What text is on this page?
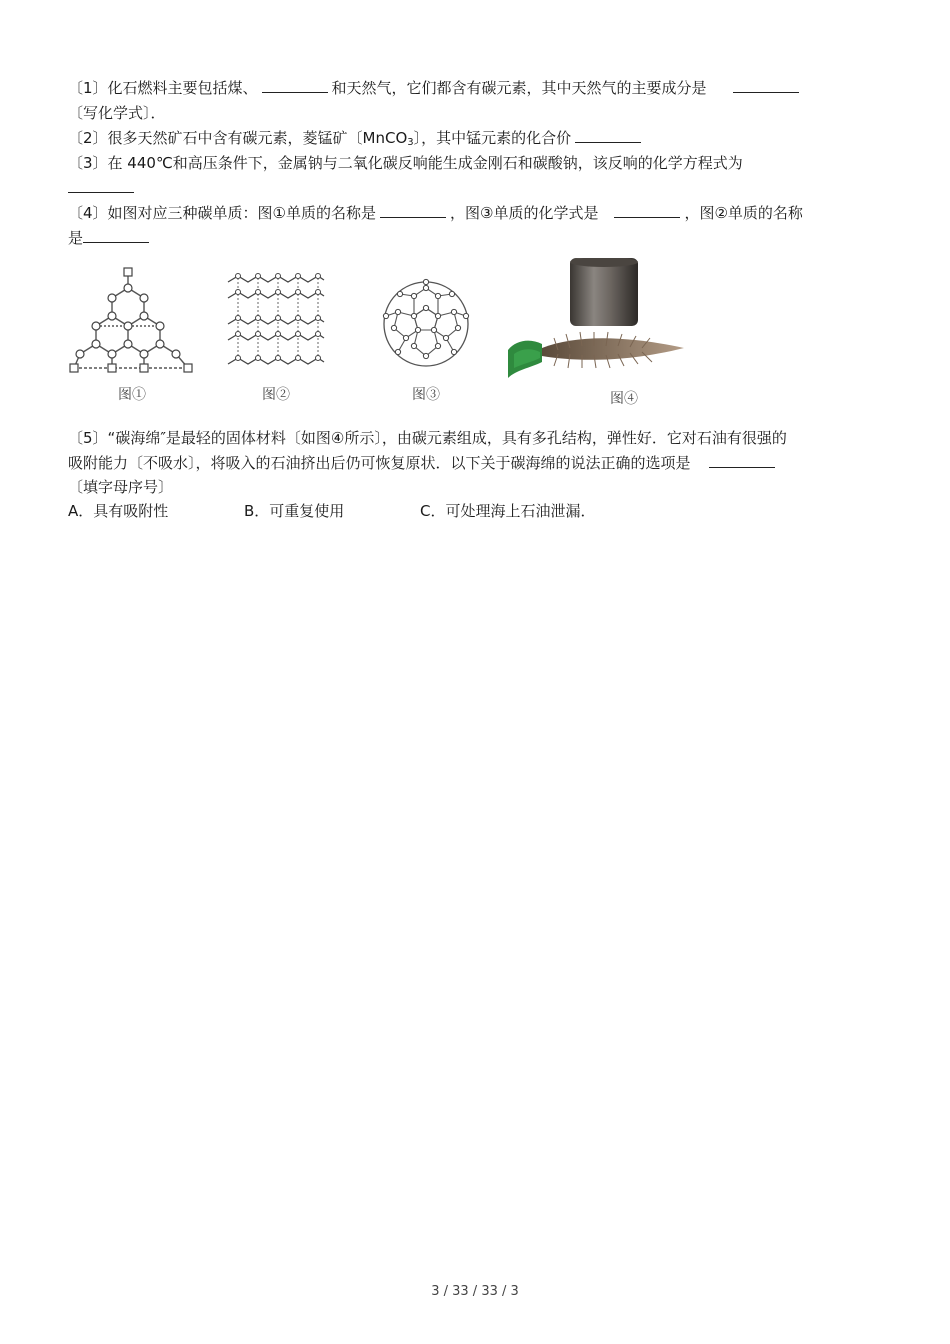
〔1〕化石燃料主要包括煤、	和天然气，它们都含有碳元素，其中天然气的主要成分是
〔写化学式〕．
〔2〕很多天然矿石中含有碳元素，菱锰矿〔MnCO$_3$〕，其中锰元素的化合价
〔3〕在 440℃和高压条件下，金属钠与二氧化碳反响能生成金刚石和碳酸钠，该反响的化学方程式为
〔4〕如图对应三种碳单质：图①单质的名称是	，图③单质的化学式是	，图②单质的名称
是
图①	图②	图③	图④
〔5〕“碳海绵″是最轻的固体材料〔如图④所示〕，由碳元素组成，具有多孔结构，弹性好．它对石油有很强的
吸附能力〔不吸水〕，将吸入的石油挤出后仍可恢复原状．以下关于碳海绵的说法正确的选项是
〔填字母序号〕
A．具有吸附性	B．可重复使用	C．可处理海上石油泄漏．
3 / 33 / 33 / 3
